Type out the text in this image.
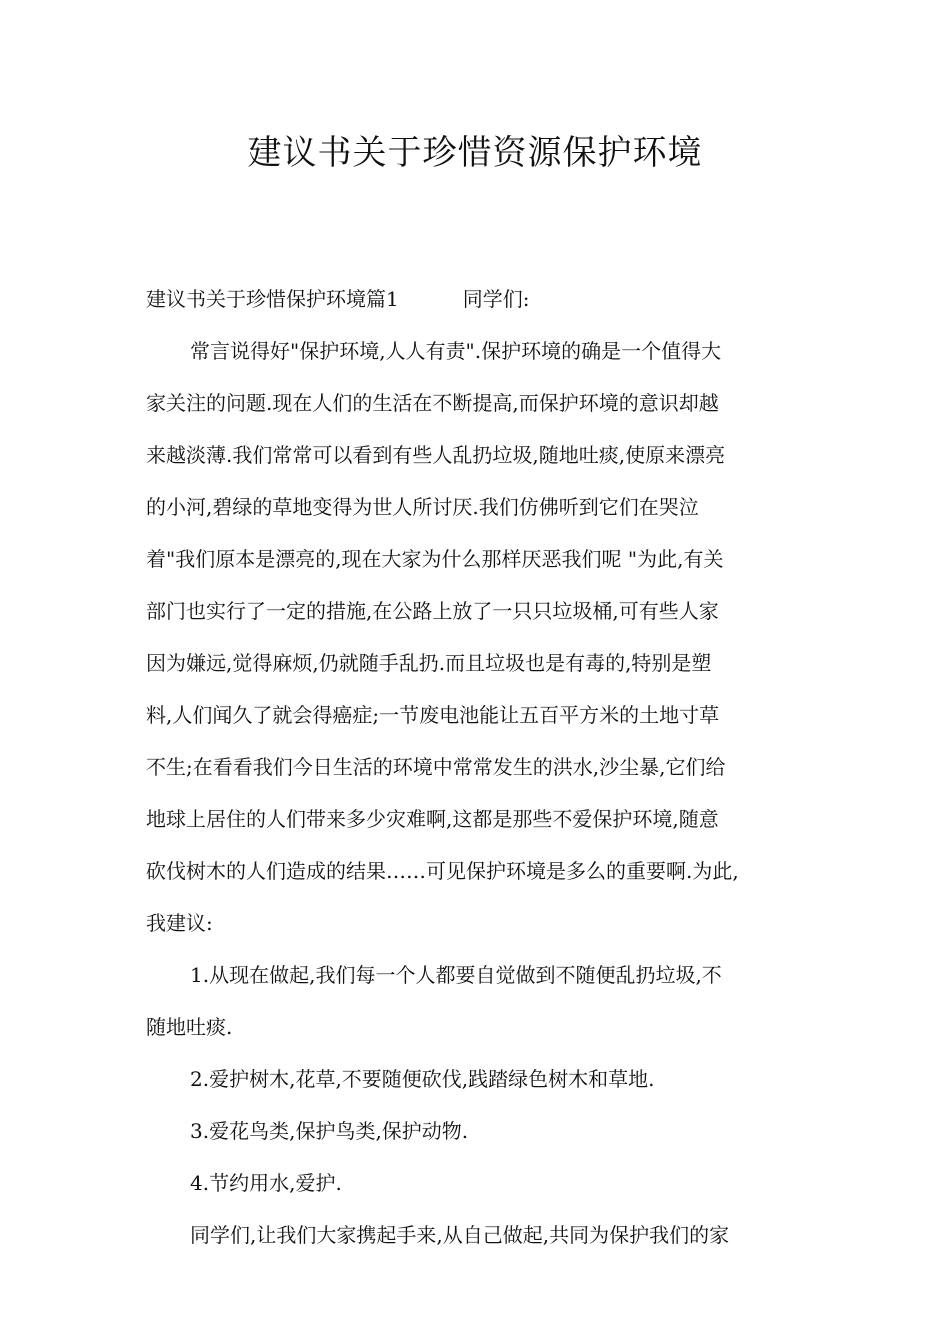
建议书关于珍惜资源保护环境
建议书关于珍惜保护环境篇1	同学们:
常言说得好"保护环境,人人有责".保护环境的确是一个值得大
家关注的问题.现在人们的生活在不断提高,而保护环境的意识却越
来越淡薄.我们常常可以看到有些人乱扔垃圾,随地吐痰,使原来漂亮
的小河,碧绿的草地变得为世人所讨厌.我们仿佛听到它们在哭泣
着"我们原本是漂亮的,现在大家为什么那样厌恶我们呢 "为此,有关
部门也实行了一定的措施,在公路上放了一只只垃圾桶,可有些人家
因为嫌远,觉得麻烦,仍就随手乱扔.而且垃圾也是有毒的,特别是塑
料,人们闻久了就会得癌症;一节废电池能让五百平方米的土地寸草
不生;在看看我们今日生活的环境中常常发生的洪水,沙尘暴,它们给
地球上居住的人们带来多少灾难啊,这都是那些不爱保护环境,随意
砍伐树木的人们造成的结果……可见保护环境是多么的重要啊.为此,
我建议:
1.从现在做起,我们每一个人都要自觉做到不随便乱扔垃圾,不
随地吐痰.
2.爱护树木,花草,不要随便砍伐,践踏绿色树木和草地.
3.爱花鸟类,保护鸟类,保护动物.
4.节约用水,爱护.
同学们,让我们大家携起手来,从自己做起,共同为保护我们的家
